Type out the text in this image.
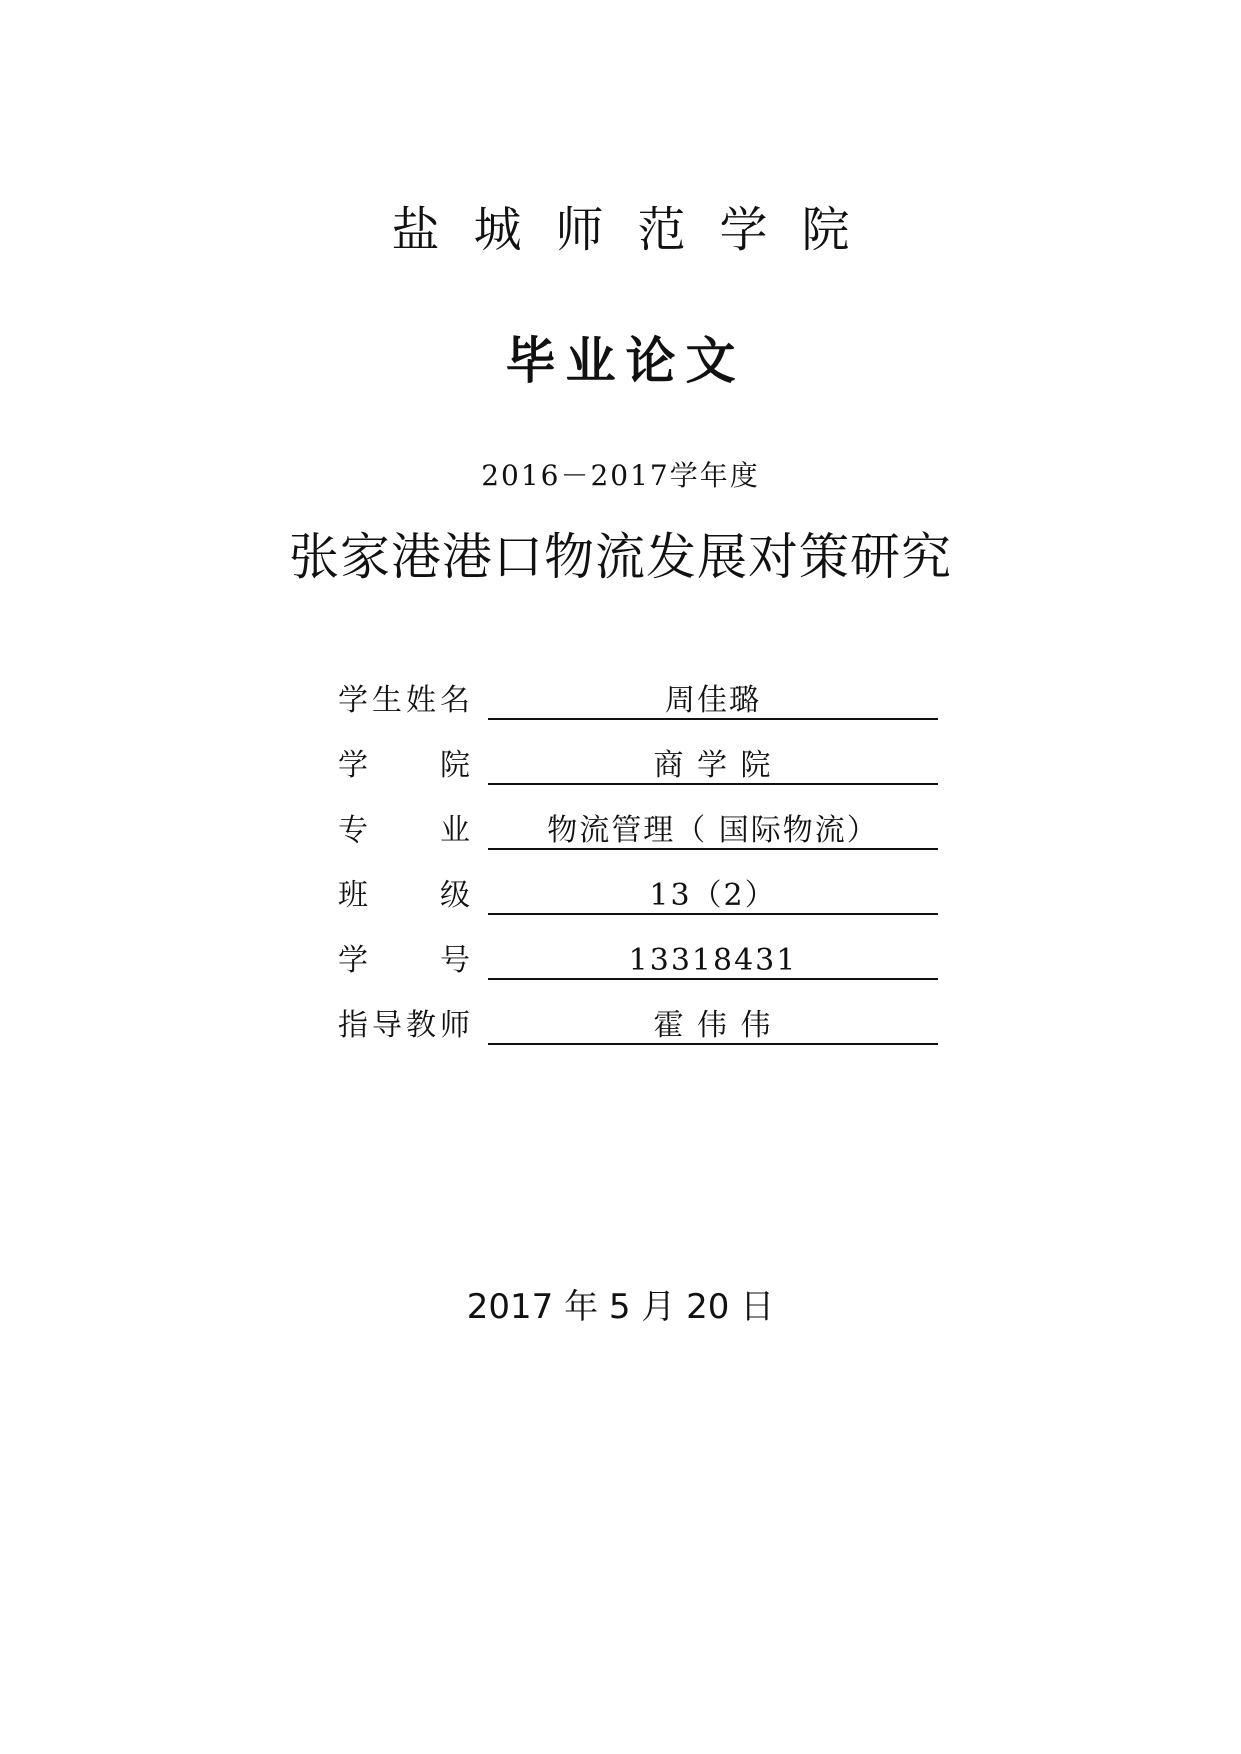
盐城师范学院
毕业论文
2016－2017学年度
张家港港口物流发展对策研究
学 生 姓 名	周佳璐
学 院	商 学 院
专 业	物流管理（ 国际物流）
班 级	13（2）
学 号	13318431
指 导 教 师	霍 伟 伟
2017 年 5 月 20 日
